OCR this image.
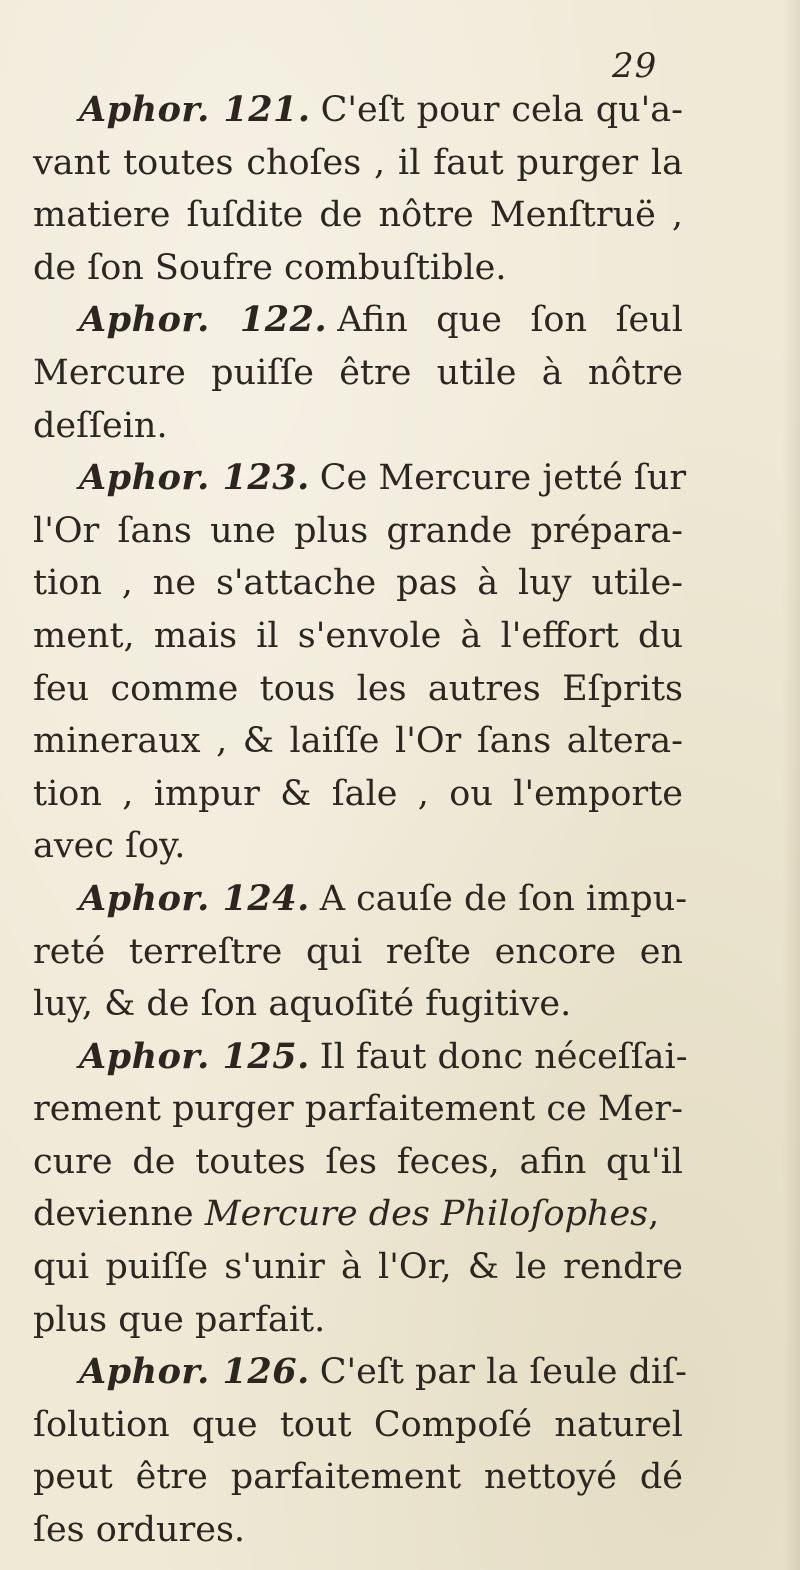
29
Aphor. 121. C'eſt pour cela qu'a-
vant toutes choſes , il faut purger la
matiere ſuſdite de nôtre Menſtruë ,
de ſon Soufre combuſtible.
Aphor. 122. Afin que ſon ſeul
Mercure puiſſe être utile à nôtre
deſſein.
Aphor. 123. Ce Mercure jetté ſur
l'Or ſans une plus grande prépara-
tion , ne s'attache pas à luy utile-
ment, mais il s'envole à l'effort du
feu comme tous les autres Eſprits
mineraux , & laiſſe l'Or ſans altera-
tion , impur & ſale , ou l'emporte
avec ſoy.
Aphor. 124. A cauſe de ſon impu-
reté terreſtre qui reſte encore en
luy, & de ſon aquoſité fugitive.
Aphor. 125. Il faut donc néceſſai-
rement purger parfaitement ce Mer-
cure de toutes ſes feces, afin qu'il
devienne Mercure des Philoſophes,
qui puiſſe s'unir à l'Or, & le rendre
plus que parfait.
Aphor. 126. C'eſt par la ſeule diſ-
ſolution que tout Compoſé naturel
peut être parfaitement nettoyé dé
ſes ordures.
